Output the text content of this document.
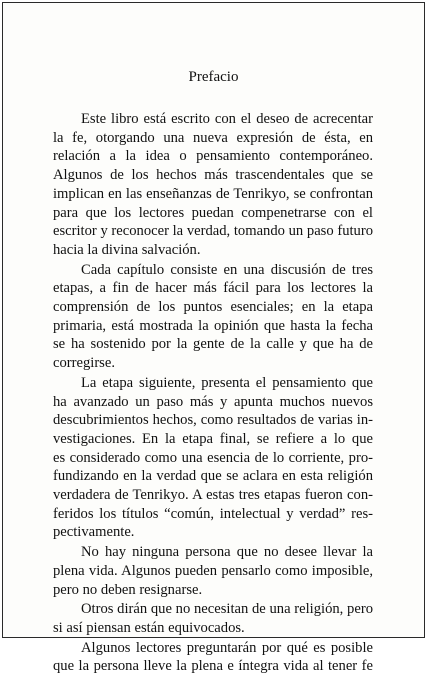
Prefacio
Este libro está escrito con el deseo de acrecentar
la fe, otorgando una nueva expresión de ésta, en
relación a la idea o pensamiento contemporáneo.
Algunos de los hechos más trascendentales que se
implican en las enseñanzas de Tenrikyo, se confrontan
para que los lectores puedan compenetrarse con el
escritor y reconocer la verdad, tomando un paso futuro
hacia la divina salvación.
Cada capítulo consiste en una discusión de tres
etapas, a fin de hacer más fácil para los lectores la
comprensión de los puntos esenciales; en la etapa
primaria, está mostrada la opinión que hasta la fecha
se ha sostenido por la gente de la calle y que ha de
corregirse.
La etapa siguiente, presenta el pensamiento que
ha avanzado un paso más y apunta muchos nuevos
descubrimientos hechos, como resultados de varias in-
vestigaciones. En la etapa final, se refiere a lo que
es considerado como una esencia de lo corriente, pro-
fundizando en la verdad que se aclara en esta religión
verdadera de Tenrikyo. A estas tres etapas fueron con-
feridos los títulos “común, intelectual y verdad” res-
pectivamente.
No hay ninguna persona que no desee llevar la
plena vida. Algunos pueden pensarlo como imposible,
pero no deben resignarse.
Otros dirán que no necesitan de una religión, pero
si así piensan están equivocados.
Algunos lectores preguntarán por qué es posible
que la persona lleve la plena e íntegra vida al tener fe
